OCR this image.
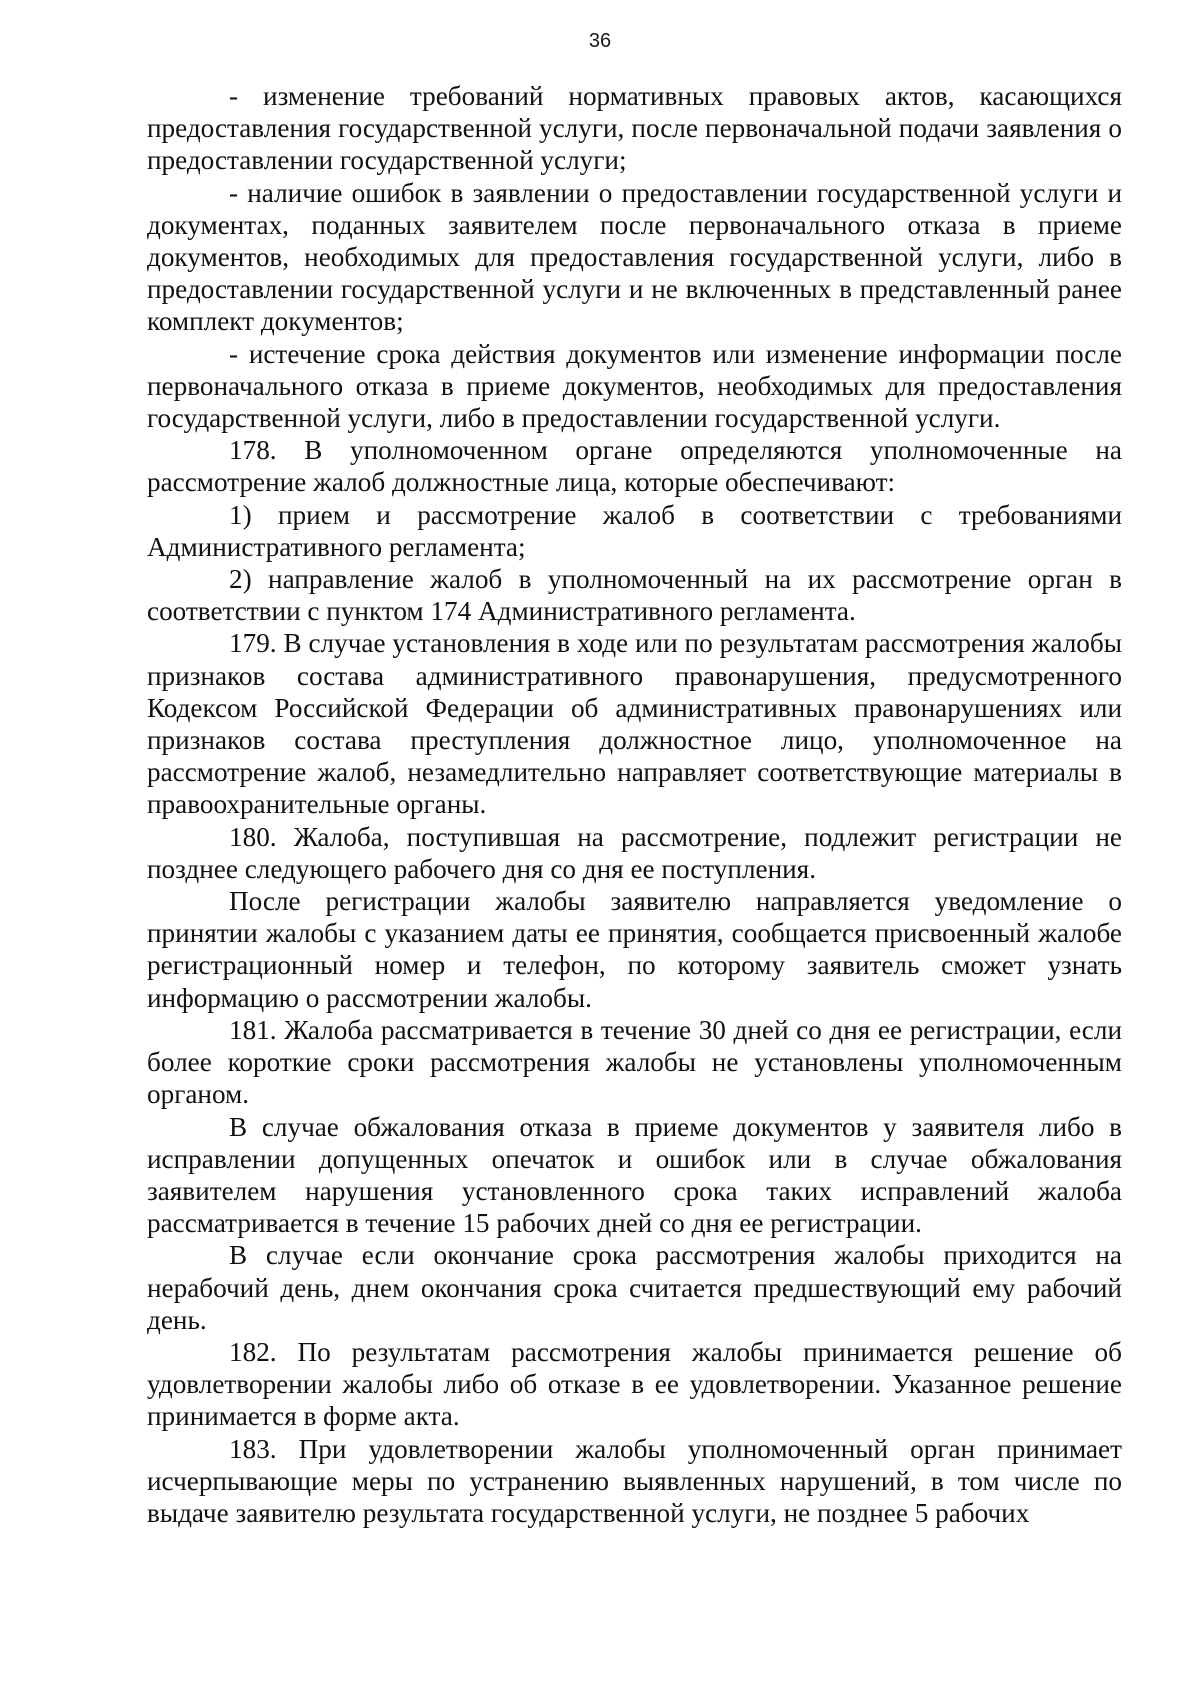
36

- изменение требований нормативных правовых актов, касающихся предоставления государственной услуги, после первоначальной подачи заявления о предоставлении государственной услуги;

- наличие ошибок в заявлении о предоставлении государственной услуги и документах, поданных заявителем после первоначального отказа в приеме документов, необходимых для предоставления государственной услуги, либо в предоставлении государственной услуги и не включенных в представленный ранее комплект документов;

- истечение срока действия документов или изменение информации после первоначального отказа в приеме документов, необходимых для предоставления государственной услуги, либо в предоставлении государственной услуги.

178. В уполномоченном органе определяются уполномоченные на рассмотрение жалоб должностные лица, которые обеспечивают:

1) прием и рассмотрение жалоб в соответствии с требованиями Административного регламента;

2) направление жалоб в уполномоченный на их рассмотрение орган в соответствии с пунктом 174 Административного регламента.

179. В случае установления в ходе или по результатам рассмотрения жалобы признаков состава административного правонарушения, предусмотренного Кодексом Российской Федерации об административных правонарушениях или признаков состава преступления должностное лицо, уполномоченное на рассмотрение жалоб, незамедлительно направляет соответствующие материалы в правоохранительные органы.

180. Жалоба, поступившая на рассмотрение, подлежит регистрации не позднее следующего рабочего дня со дня ее поступления.

После регистрации жалобы заявителю направляется уведомление о принятии жалобы с указанием даты ее принятия, сообщается присвоенный жалобе регистрационный номер и телефон, по которому заявитель сможет узнать информацию о рассмотрении жалобы.

181. Жалоба рассматривается в течение 30 дней со дня ее регистрации, если более короткие сроки рассмотрения жалобы не установлены уполномоченным органом.

В случае обжалования отказа в приеме документов у заявителя либо в исправлении допущенных опечаток и ошибок или в случае обжалования заявителем нарушения установленного срока таких исправлений жалоба рассматривается в течение 15 рабочих дней со дня ее регистрации.

В случае если окончание срока рассмотрения жалобы приходится на нерабочий день, днем окончания срока считается предшествующий ему рабочий день.

182. По результатам рассмотрения жалобы принимается решение об удовлетворении жалобы либо об отказе в ее удовлетворении. Указанное решение принимается в форме акта.

183. При удовлетворении жалобы уполномоченный орган принимает исчерпывающие меры по устранению выявленных нарушений, в том числе по выдаче заявителю результата государственной услуги, не позднее 5 рабочих
